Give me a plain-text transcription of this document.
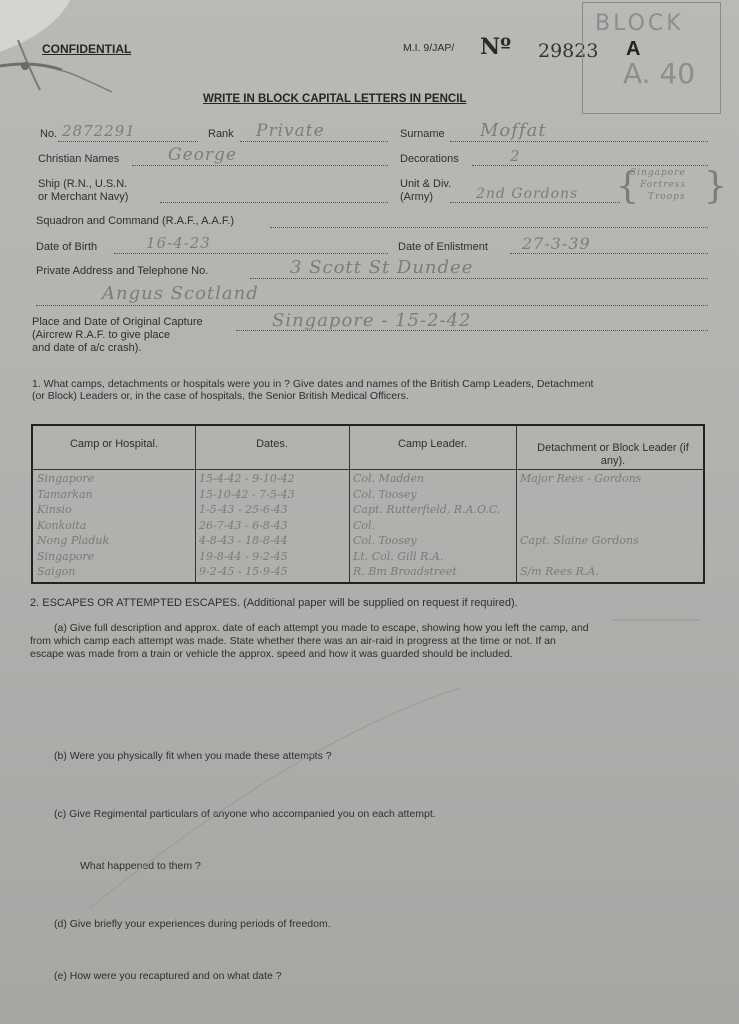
CONFIDENTIAL	M.I. 9/JAP/ Nº 29823 A
BLOCK
A. 40
WRITE IN BLOCK CAPITAL LETTERS IN PENCIL
No. 2872291	Rank Private	Surname Moffat
Christian Names	George	Decorations	2
Ship (R.N., U.S.N.
or Merchant Navy)
Unit & Div.
(Army)	2nd Gordons {
Singapore
Fortress
Troops }
Squadron and Command (R.A.F., A.A.F.)
Date of Birth	16-4-23	Date of Enlistment 27-3-39
Private Address and Telephone No.	3 Scott St Dundee
Angus Scotland
Place and Date of Original Capture
(Aircrew R.A.F. to give place
and date of a/c crash).
Singapore - 15-2-42
1. What camps, detachments or hospitals were you in ? Give dates and names of the British Camp Leaders, Detachment
(or Block) Leaders or, in the case of hospitals, the Senior British Medical Officers.
Camp or Hospital.	Dates.	Camp Leader.	Detachment or Block Leader (if any).
Singapore	15-4-42 - 9-10-42	Col. Madden	Major Rees - Gordons
Tamarkan	15-10-42 - 7-5-43	Col. Toosey
Kinsio	1-5-43 - 25-6-43	Capt. Rutterfield, R.A.O.C.
Konkoita	26-7-43 - 6-8-43	Col.
Nong Pladuk	4-8-43 - 18-8-44	Col. Toosey	Capt. Slaine Gordons
Singapore	19-8-44 - 9-2-45	Lt. Col. Gill R.A.
Saigon	9-2-45 - 15-9-45	R. Bm Broadstreet	S/m Rees R.A.
2. ESCAPES OR ATTEMPTED ESCAPES. (Additional paper will be supplied on request if required).
(a) Give full description and approx. date of each attempt you made to escape, showing how you left the camp, and
from which camp each attempt was made. State whether there was an air-raid in progress at the time or not. If an
escape was made from a train or vehicle the approx. speed and how it was guarded should be included.
(b) Were you physically fit when you made these attempts ?
(c) Give Regimental particulars of anyone who accompanied you on each attempt.
What happened to them ?
(d) Give briefly your experiences during periods of freedom.
(e) How were you recaptured and on what date ?
